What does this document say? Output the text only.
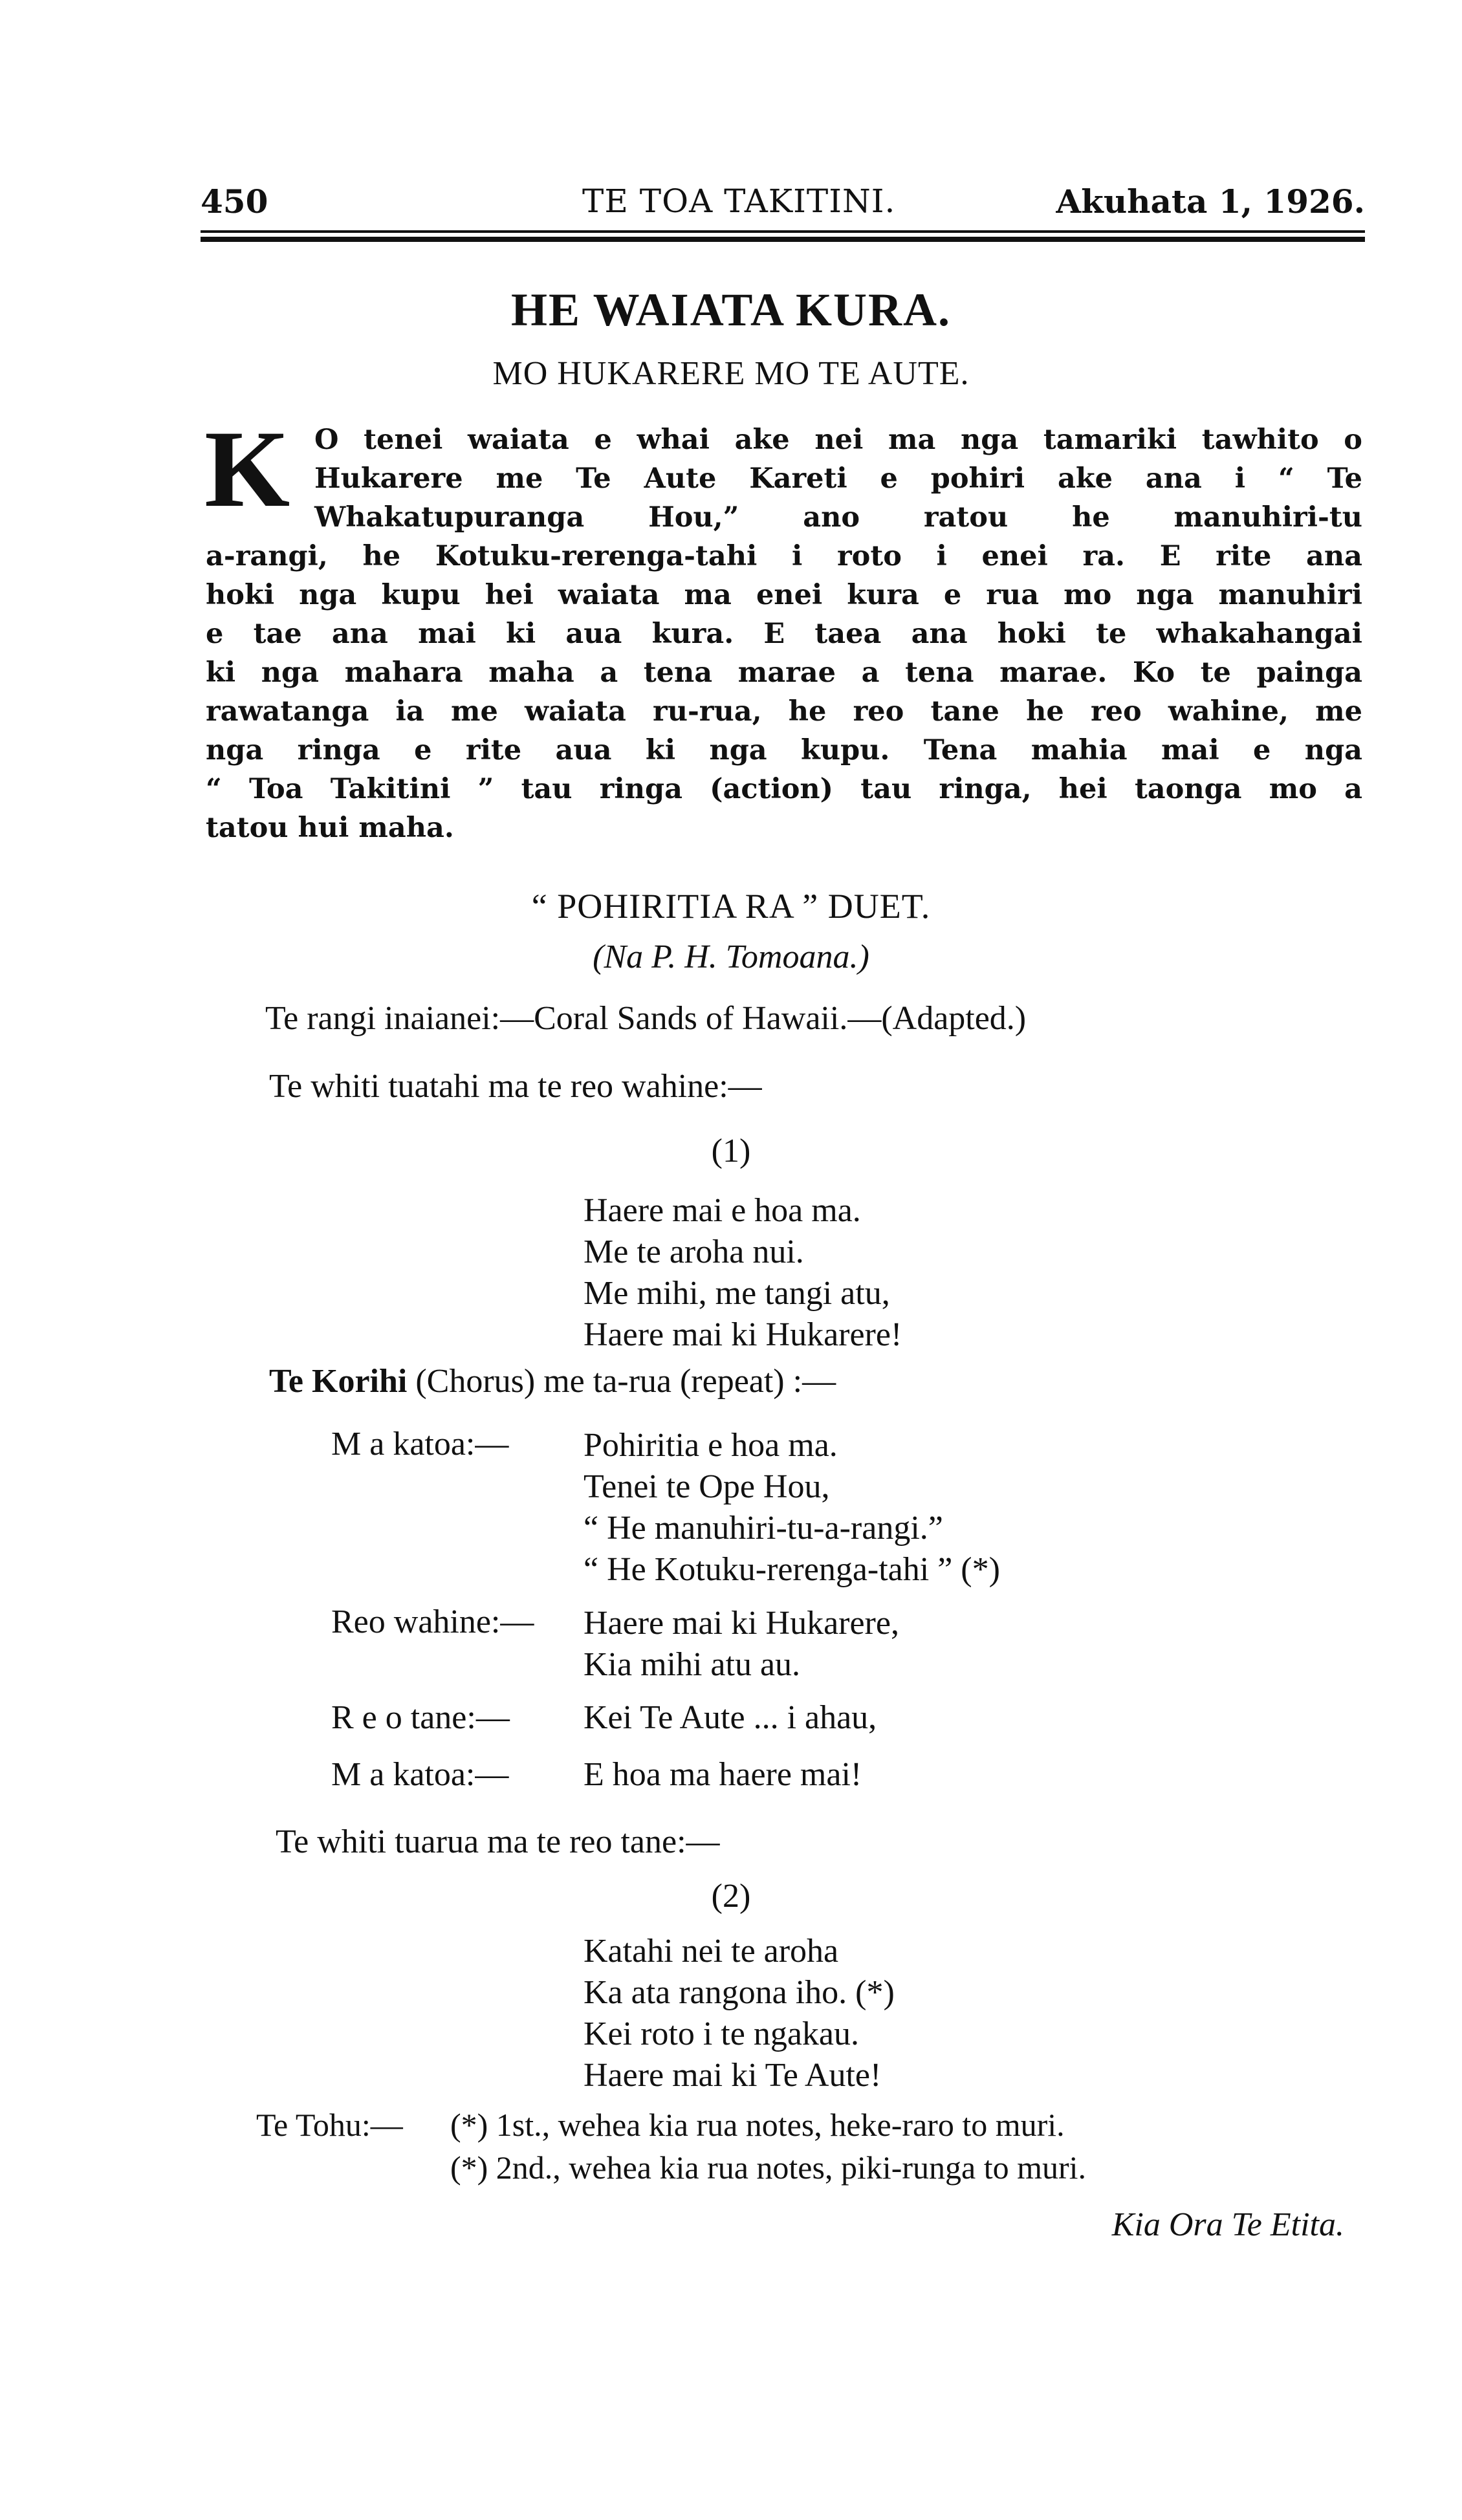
450	TE TOA TAKITINI.	Akuhata 1, 1926.
HE WAIATA KURA.
MO HUKARERE MO TE AUTE.
K O tenei waiata e whai ake nei ma nga tamariki tawhito o
Hukarere me Te Aute Kareti e pohiri ake ana i “ Te
Whakatupuranga Hou,” ano ratou he manuhiri-tu
a-rangi, he Kotuku-rerenga-tahi i roto i enei ra. E rite ana
hoki nga kupu hei waiata ma enei kura e rua mo nga manuhiri
e tae ana mai ki aua kura. E taea ana hoki te whakahangai
ki nga mahara maha a tena marae a tena marae. Ko te painga
rawatanga ia me waiata ru-rua, he reo tane he reo wahine, me
nga ringa e rite aua ki nga kupu. Tena mahia mai e nga
“ Toa Takitini ” tau ringa (action) tau ringa, hei taonga mo a
tatou hui maha.
“ POHIRITIA RA ” DUET.
(Na P. H. Tomoana.)
Te rangi inaianei:—Coral Sands of Hawaii.—(Adapted.)
Te whiti tuatahi ma te reo wahine:—
(1)
Haere mai e hoa ma.
Me te aroha nui.
Me mihi, me tangi atu,
Haere mai ki Hukarere!
Te Korihi (Chorus) me ta-rua (repeat) :—
M a katoa:—	Pohiritia e hoa ma.
Tenei te Ope Hou,
“ He manuhiri-tu-a-rangi.”
“ He Kotuku-rerenga-tahi ” (*)
Reo wahine:— Haere mai ki Hukarere,
Kia mihi atu au.
R e o tane:— Kei Te Aute ... i ahau,
M a katoa:— E hoa ma haere mai!
Te whiti tuarua ma te reo tane:—
(2)
Katahi nei te aroha
Ka ata rangona iho. (*)
Kei roto i te ngakau.
Haere mai ki Te Aute!
Te Tohu:— (*) 1st., wehea kia rua notes, heke-raro to muri.
(*) 2nd., wehea kia rua notes, piki-runga to muri.
Kia Ora Te Etita.
